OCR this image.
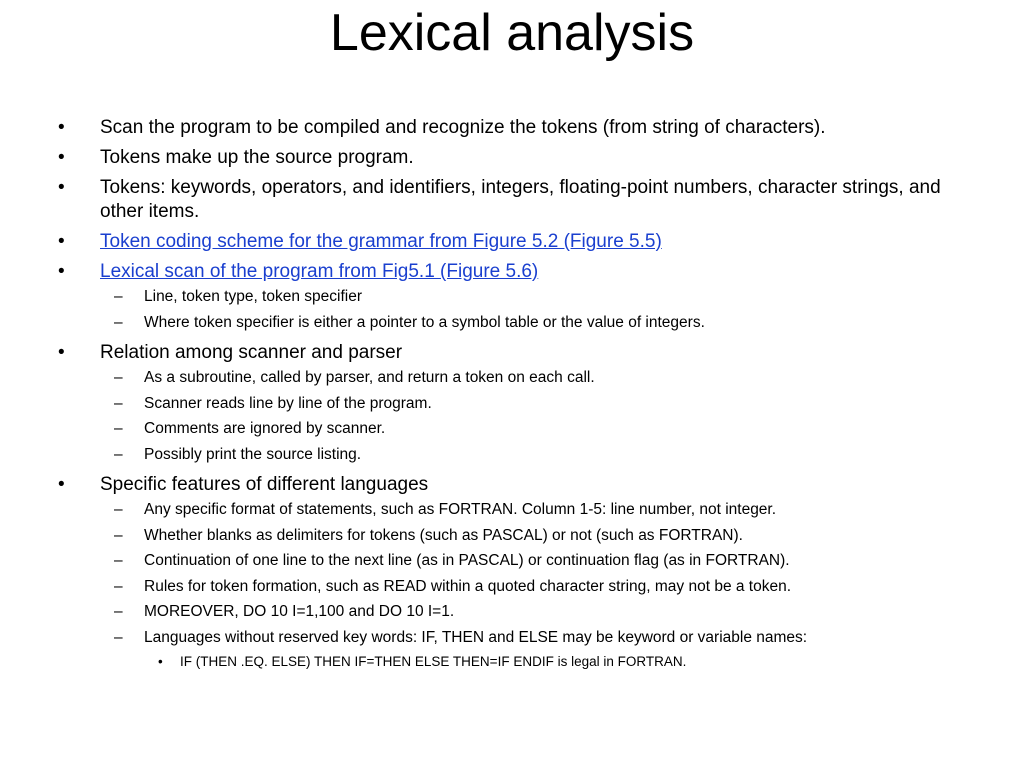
Lexical analysis
•	Scan the program to be compiled and recognize the tokens (from string of characters).
•	Tokens make up the source program.
•	Tokens: keywords, operators, and identifiers, integers, floating-point numbers, character strings, and other items.
•	Token coding scheme for the grammar from Figure 5.2 (Figure 5.5)
•	Lexical scan of the program from Fig5.1 (Figure 5.6)
– Line, token type, token specifier
– Where token specifier is either a pointer to a symbol table or the value of integers.
•	Relation among scanner and parser
– As a subroutine, called by parser, and return a token on each call.
– Scanner reads line by line of the program.
– Comments are ignored by scanner.
– Possibly print the source listing.
•	Specific features of different languages
– Any specific format of statements, such as FORTRAN. Column 1-5: line number, not integer.
– Whether blanks as delimiters for tokens (such as PASCAL) or not (such as FORTRAN).
– Continuation of one line to the next line (as in PASCAL) or continuation flag (as in FORTRAN).
– Rules for token formation, such as READ within a quoted character string, may not be a token.
– MOREOVER, DO 10 I=1,100 and DO 10 I=1.
– Languages without reserved key words: IF, THEN and ELSE may be keyword or variable names:
• IF (THEN .EQ. ELSE) THEN IF=THEN ELSE THEN=IF ENDIF is legal in FORTRAN.
